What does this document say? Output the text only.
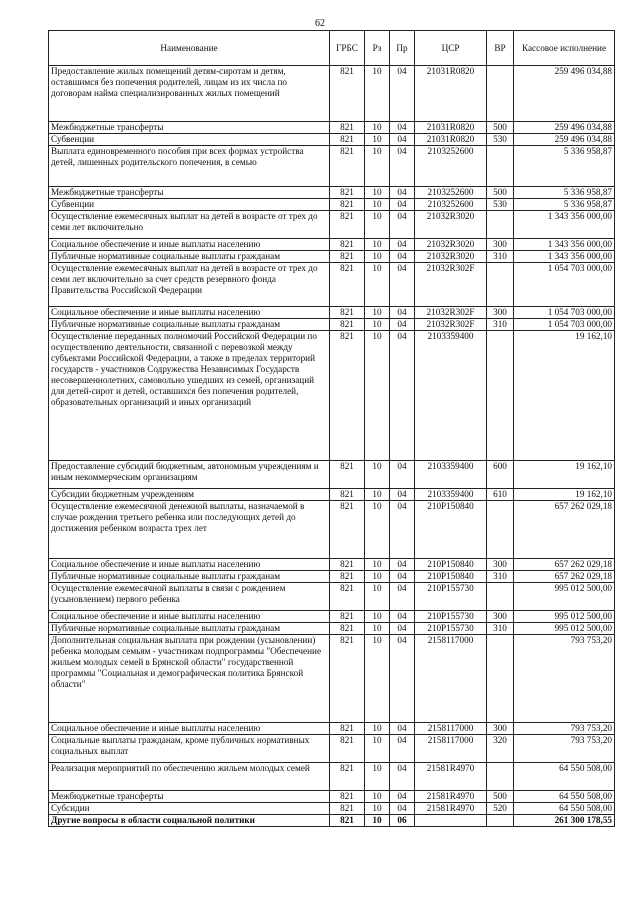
62
Наименование	ГРБС	Рз	Пр	ЦСР	ВР	Кассовое исполнение
Предоставление жилых помещений детям-сиротам и детям, оставшимся без попечения родителей, лицам из их числа по договорам найма специализированных жилых помещений	821	10	04	21031R0820		259 496 034,88
Межбюджетные трансферты	821	10	04	21031R0820	500	259 496 034,88
Субвенции	821	10	04	21031R0820	530	259 496 034,88
Выплата единовременного пособия при всех формах устройства детей, лишенных родительского попечения, в семью	821	10	04	2103252600		5 336 958,87
Межбюджетные трансферты	821	10	04	2103252600	500	5 336 958,87
Субвенции	821	10	04	2103252600	530	5 336 958,87
Осуществление ежемесячных выплат на детей в возрасте от трех до семи лет включительно	821	10	04	21032R3020		1 343 356 000,00
Социальное обеспечение и иные выплаты населению	821	10	04	21032R3020	300	1 343 356 000,00
Публичные нормативные социальные выплаты гражданам	821	10	04	21032R3020	310	1 343 356 000,00
Осуществление ежемесячных выплат на детей в возрасте от трех до семи лет включительно за счет средств резервного фонда Правительства Российской Федерации	821	10	04	21032R302F		1 054 703 000,00
Социальное обеспечение и иные выплаты населению	821	10	04	21032R302F	300	1 054 703 000,00
Публичные нормативные социальные выплаты гражданам	821	10	04	21032R302F	310	1 054 703 000,00
Осуществление переданных полномочий Российской Федерации по осуществлению деятельности, связанной с перевозкой между субъектами Российской Федерации, а также в пределах территорий государств - участников Содружества Независимых Государств несовершеннолетних, самовольно ушедших из семей, организаций для детей-сирот и детей, оставшихся без попечения родителей, образовательных организаций и иных организаций	821	10	04	2103359400		19 162,10
Предоставление субсидий бюджетным, автономным учреждениям и иным некоммерческим организациям	821	10	04	2103359400	600	19 162,10
Субсидии бюджетным учреждениям	821	10	04	2103359400	610	19 162,10
Осуществление ежемесячной денежной выплаты, назначаемой в случае рождения третьего ребенка или последующих детей до достижения ребенком возраста трех лет	821	10	04	210P150840		657 262 029,18
Социальное обеспечение и иные выплаты населению	821	10	04	210P150840	300	657 262 029,18
Публичные нормативные социальные выплаты гражданам	821	10	04	210P150840	310	657 262 029,18
Осуществление ежемесячной выплаты в связи с рождением (усыновлением) первого ребенка	821	10	04	210P155730		995 012 500,00
Социальное обеспечение и иные выплаты населению	821	10	04	210P155730	300	995 012 500,00
Публичные нормативные социальные выплаты гражданам	821	10	04	210P155730	310	995 012 500,00
Дополнительная социальная выплата при рождении (усыновлении) ребенка молодым семьям - участникам подпрограммы "Обеспечение жильем молодых семей в Брянской области" государственной программы "Социальная и демографическая политика Брянской области"	821	10	04	2158117000		793 753,20
Социальное обеспечение и иные выплаты населению	821	10	04	2158117000	300	793 753,20
Социальные выплаты гражданам, кроме публичных нормативных социальных выплат	821	10	04	2158117000	320	793 753,20
Реализация мероприятий по обеспечению жильем молодых семей	821	10	04	21581R4970		64 550 508,00
Межбюджетные трансферты	821	10	04	21581R4970	500	64 550 508,00
Субсидии	821	10	04	21581R4970	520	64 550 508,00
Другие вопросы в области социальной политики	821	10	06			261 300 178,55
